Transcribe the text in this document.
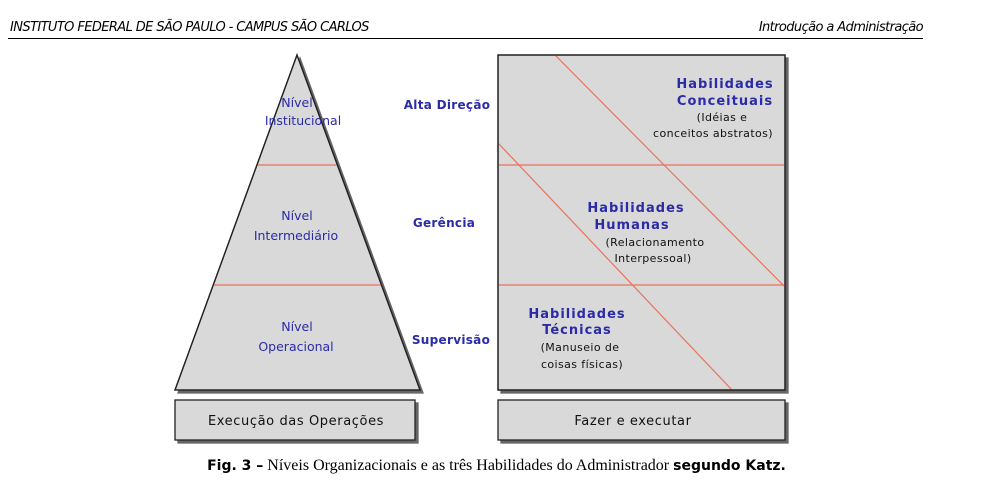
INSTITUTO FEDERAL DE SÃO PAULO - CAMPUS SÃO CARLOS	Introdução a Administração
Nível
Institucional
Nível
Intermediário
Nível
Operacional
Alta Direção
Gerência
Supervisão
Habilidades
Conceituais
(Idéias e
conceitos abstratos)
Habilidades
Humanas
(Relacionamento
Interpessoal)
Habilidades
Técnicas
(Manuseio de
coisas físicas)
Execução das Operações	Fazer e executar
Fig. 3 – Níveis Organizacionais e as três Habilidades do Administrador segundo Katz.
